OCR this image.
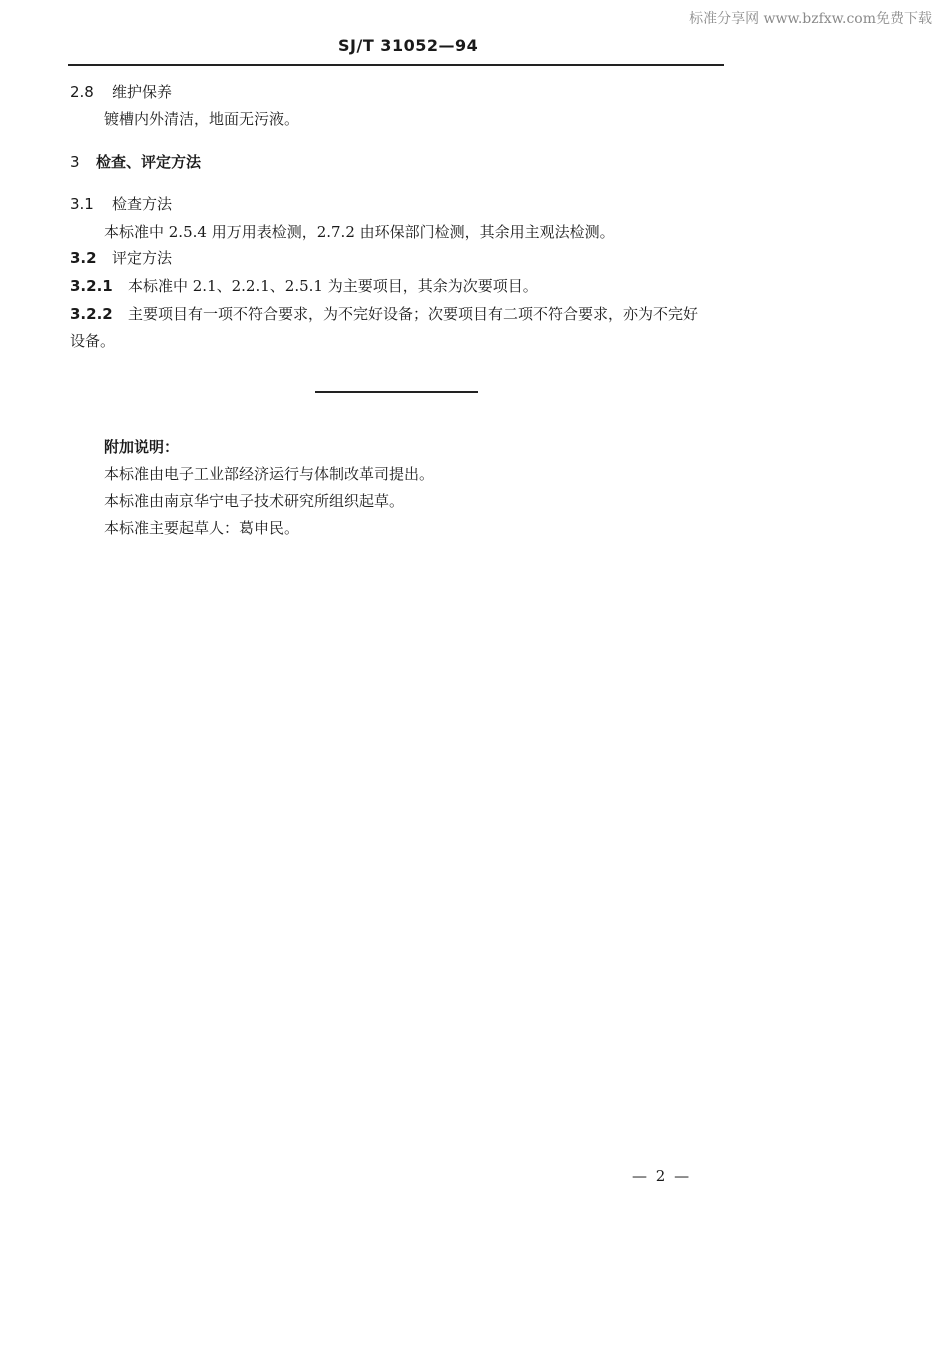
标准分享网 www.bzfxw.com免费下载
SJ/T 31052—94
2.8 维护保养
镀槽内外清洁，地面无污液。
3 检查、评定方法
3.1 检查方法
本标准中 2.5.4 用万用表检测，2.7.2 由环保部门检测，其余用主观法检测。
3.2 评定方法
3.2.1 本标准中 2.1、2.2.1、2.5.1 为主要项目，其余为次要项目。
3.2.2 主要项目有一项不符合要求，为不完好设备；次要项目有二项不符合要求，亦为不完好
设备。
附加说明：
本标准由电子工业部经济运行与体制改革司提出。
本标准由南京华宁电子技术研究所组织起草。
本标准主要起草人：葛申民。
— 2 —
